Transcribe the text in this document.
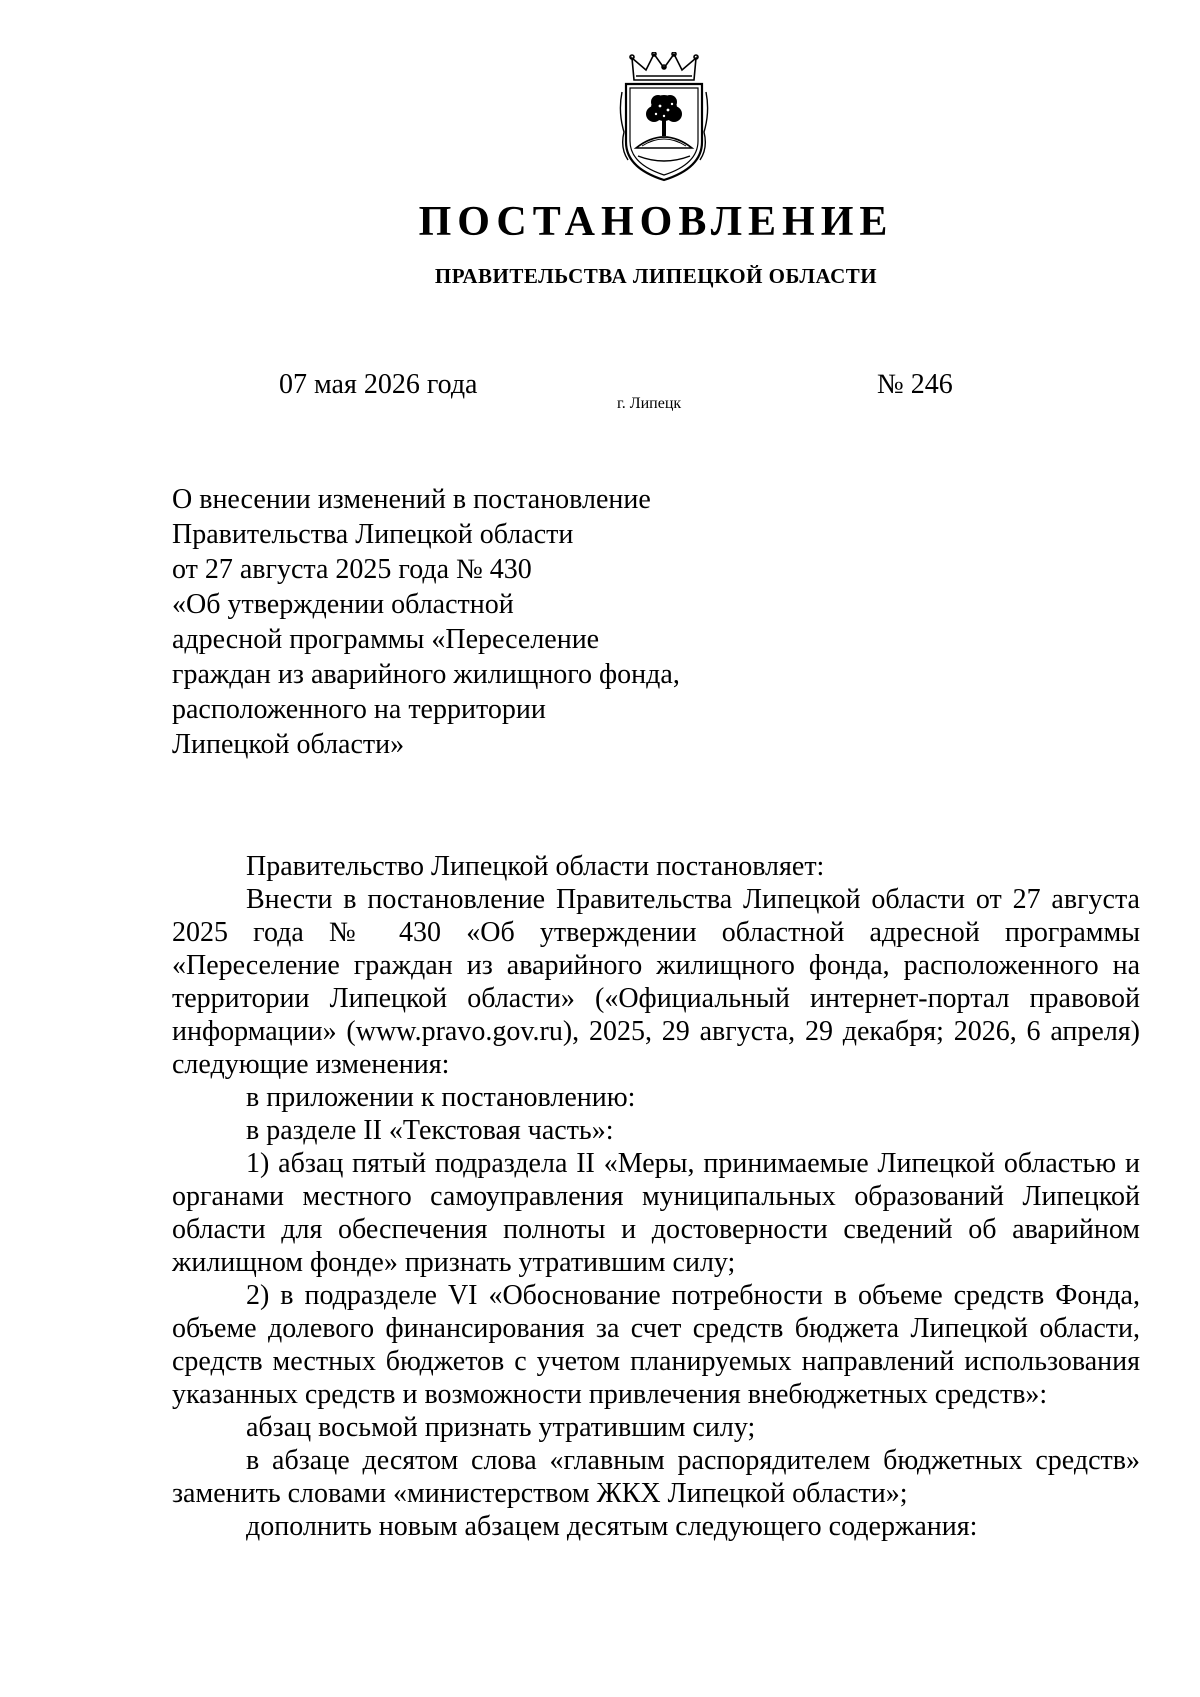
ПОСТАНОВЛЕНИЕ
ПРАВИТЕЛЬСТВА ЛИПЕЦКОЙ ОБЛАСТИ
07 мая 2026 года
г. Липецк
№ 246
О внесении изменений в постановление
Правительства Липецкой области
от 27 августа 2025 года № 430
«Об утверждении областной
адресной программы «Переселение
граждан из аварийного жилищного фонда,
расположенного на территории
Липецкой области»

Правительство Липецкой области постановляет:

Внести в постановление Правительства Липецкой области от 27 августа 2025 года № 430 «Об утверждении областной адресной программы «Переселение граждан из аварийного жилищного фонда, расположенного на территории Липецкой области» («Официальный интернет-портал правовой информации» (www.pravo.gov.ru), 2025, 29 августа, 29 декабря; 2026, 6 апреля) следующие изменения:

в приложении к постановлению:

в разделе II «Текстовая часть»:

1) абзац пятый подраздела II «Меры, принимаемые Липецкой областью и органами местного самоуправления муниципальных образований Липецкой области для обеспечения полноты и достоверности сведений об аварийном жилищном фонде» признать утратившим силу;

2) в подразделе VI «Обоснование потребности в объеме средств Фонда, объеме долевого финансирования за счет средств бюджета Липецкой области, средств местных бюджетов с учетом планируемых направлений использования указанных средств и возможности привлечения внебюджетных средств»:

абзац восьмой признать утратившим силу;

в абзаце десятом слова «главным распорядителем бюджетных средств» заменить словами «министерством ЖКХ Липецкой области»;

дополнить новым абзацем десятым следующего содержания:
